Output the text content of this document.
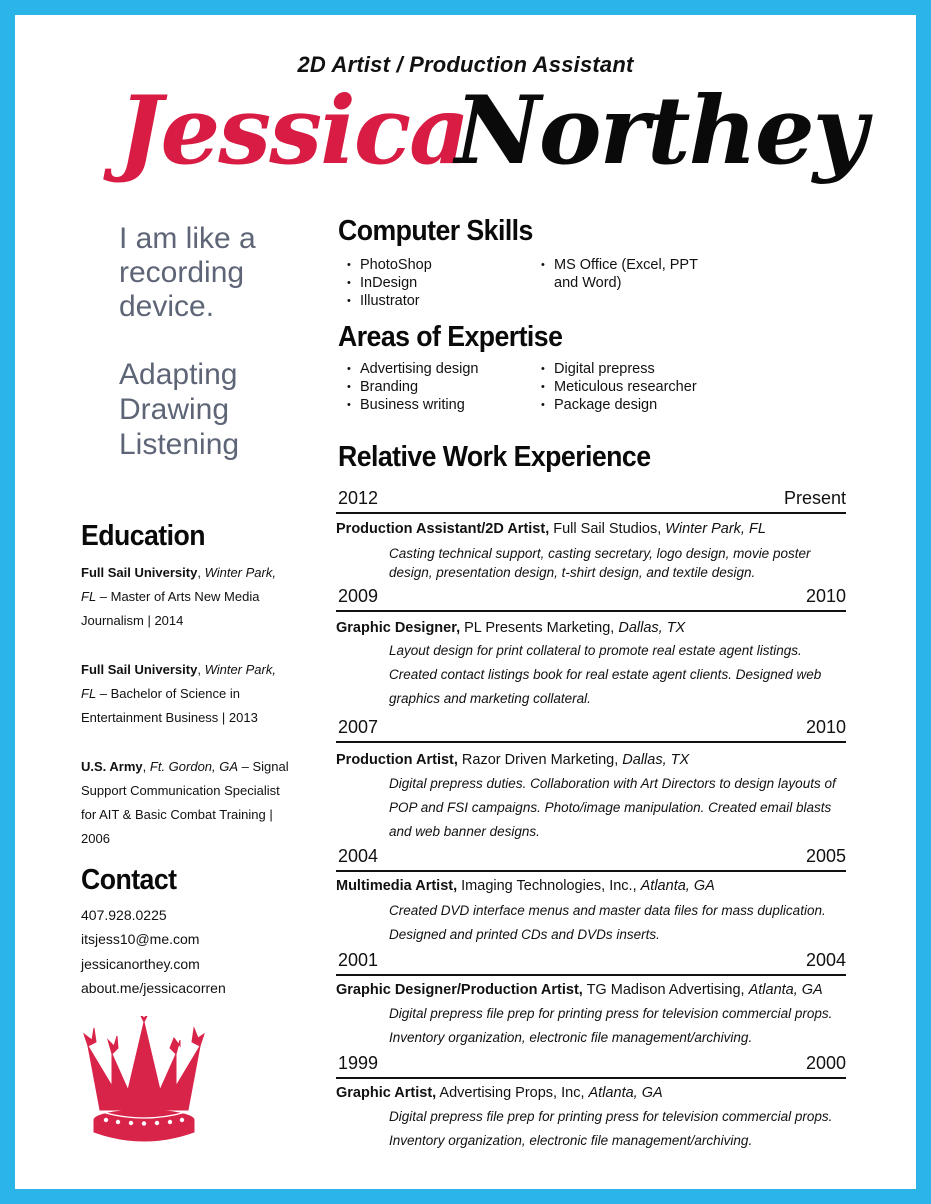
2D Artist / Production Assistant
Jessica
Northey
I am like a
recording
device.
Adapting
Drawing
Listening
Education
Full Sail University, Winter Park, FL – Master of Arts New Media Journalism | 2014
Full Sail University, Winter Park, FL – Bachelor of Science in Entertainment Business | 2013
U.S. Army, Ft. Gordon, GA – Signal Support Communication Specialist for AIT & Basic Combat Training | 2006
Contact
407.928.0225
itsjess10@me.com
jessicanorthey.com
about.me/jessicacorren
Computer Skills
• PhotoShop
• InDesign
• Illustrator
• MS Office (Excel, PPT and Word)
Areas of Expertise
• Advertising design
• Branding
• Business writing
• Digital prepress
• Meticulous researcher
• Package design
Relative Work Experience
2012	Present
Production Assistant/2D Artist, Full Sail Studios, Winter Park, FL
Casting technical support, casting secretary, logo design, movie poster design, presentation design, t-shirt design, and textile design.
2009	2010
Graphic Designer, PL Presents Marketing, Dallas, TX
Layout design for print collateral to promote real estate agent listings. Created contact listings book for real estate agent clients. Designed web graphics and marketing collateral.
2007	2010
Production Artist, Razor Driven Marketing, Dallas, TX
Digital prepress duties. Collaboration with Art Directors to design layouts of POP and FSI campaigns. Photo/image manipulation. Created email blasts and web banner designs.
2004	2005
Multimedia Artist, Imaging Technologies, Inc., Atlanta, GA
Created DVD interface menus and master data files for mass duplication. Designed and printed CDs and DVDs inserts.
2001	2004
Graphic Designer/Production Artist, TG Madison Advertising, Atlanta, GA
Digital prepress file prep for printing press for television commercial props. Inventory organization, electronic file management/archiving.
1999	2000
Graphic Artist, Advertising Props, Inc, Atlanta, GA
Digital prepress file prep for printing press for television commercial props. Inventory organization, electronic file management/archiving.
